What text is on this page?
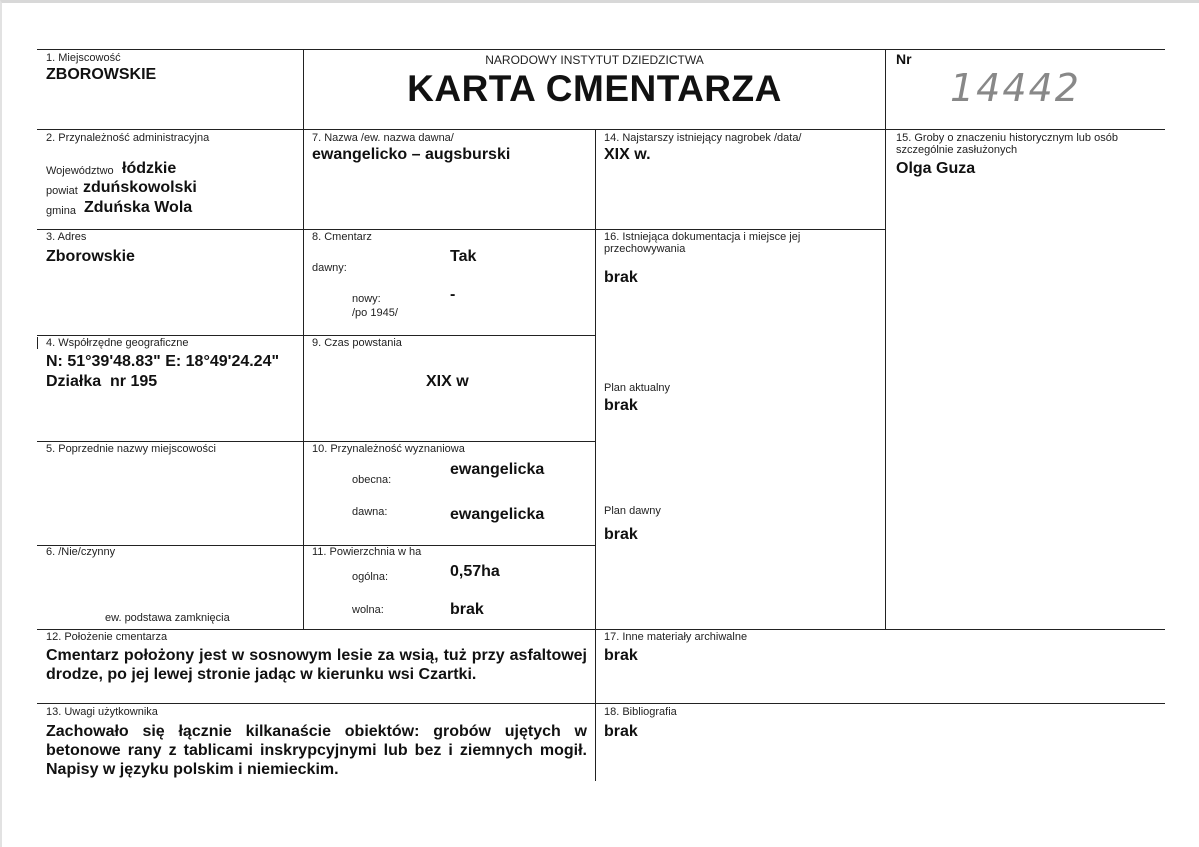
NARODOWY INSTYTUT DZIEDZICTWA
KARTA CMENTARZA
Nr
14442
1. Miejscowość
ZBOROWSKIE
2. Przynależność administracyjna
Województwo łódzkie
powiat zduńskowolski
gmina Zduńska Wola
3. Adres
Zborowskie
4. Współrzędne geograficzne
N: 51°39'48.83" E: 18°49'24.24"
Działka  nr 195
5. Poprzednie nazwy miejscowości
6. /Nie/czynny
ew. podstawa zamknięcia
7. Nazwa /ew. nazwa dawna/
ewangelicko – augsburski
8. Cmentarz
dawny:
Tak
nowy:
/po 1945/
-
9. Czas powstania
XIX w
10. Przynależność wyznaniowa
obecna:
ewangelicka
dawna:	ewangelicka
11. Powierzchnia w ha
ogólna:	0,57ha
wolna:	brak
12. Położenie cmentarza
Cmentarz położony jest w sosnowym lesie za wsią, tuż przy asfaltowej drodze, po jej lewej stronie jadąc w kierunku wsi Czartki.
13. Uwagi użytkownika
Zachowało się łącznie kilkanaście obiektów: grobów ujętych w betonowe rany z tablicami inskrypcyjnymi lub bez i ziemnych mogił. Napisy w języku polskim i niemieckim.
14. Najstarszy istniejący nagrobek /data/
XIX w.
15. Groby o znaczeniu historycznym lub osób szczególnie zasłużonych
Olga Guza
16. Istniejąca dokumentacja i miejsce jej przechowywania
brak
Plan aktualny
brak
Plan dawny
brak
17. Inne materiały archiwalne
brak
18. Bibliografia
brak
